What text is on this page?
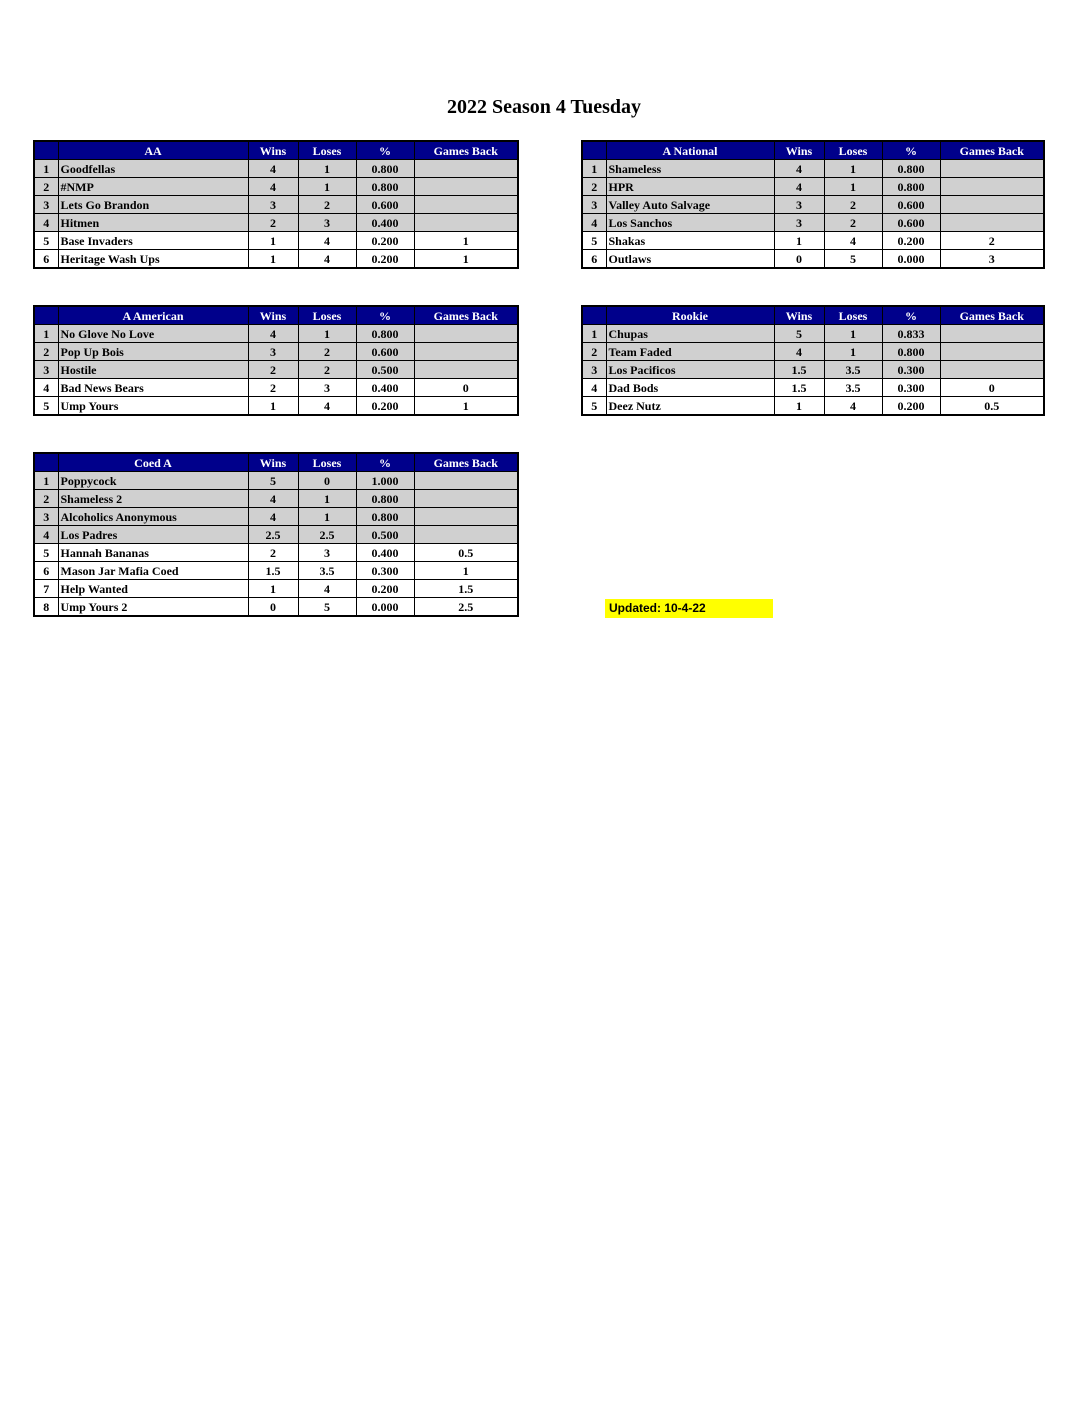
2022 Season 4 Tuesday
	AA	Wins	Loses	%	Games Back
1	Goodfellas	4	1	0.800	
2	#NMP	4	1	0.800	
3	Lets Go Brandon	3	2	0.600	
4	Hitmen	2	3	0.400	
5	Base Invaders	1	4	0.200	1
6	Heritage Wash Ups	1	4	0.200	1
	A National	Wins	Loses	%	Games Back
1	Shameless	4	1	0.800	
2	HPR	4	1	0.800	
3	Valley Auto Salvage	3	2	0.600	
4	Los Sanchos	3	2	0.600	
5	Shakas	1	4	0.200	2
6	Outlaws	0	5	0.000	3
	A American	Wins	Loses	%	Games Back
1	No Glove No Love	4	1	0.800	
2	Pop Up Bois	3	2	0.600	
3	Hostile	2	2	0.500	
4	Bad News Bears	2	3	0.400	0
5	Ump Yours	1	4	0.200	1
	Rookie	Wins	Loses	%	Games Back
1	Chupas	5	1	0.833	
2	Team Faded	4	1	0.800	
3	Los Pacificos	1.5	3.5	0.300	
4	Dad Bods	1.5	3.5	0.300	0
5	Deez Nutz	1	4	0.200	0.5
	Coed A	Wins	Loses	%	Games Back
1	Poppycock	5	0	1.000	
2	Shameless 2	4	1	0.800	
3	Alcoholics Anonymous	4	1	0.800	
4	Los Padres	2.5	2.5	0.500	
5	Hannah Bananas	2	3	0.400	0.5
6	Mason Jar Mafia Coed	1.5	3.5	0.300	1
7	Help Wanted	1	4	0.200	1.5
8	Ump Yours 2	0	5	0.000	2.5	Updated: 10-4-22
